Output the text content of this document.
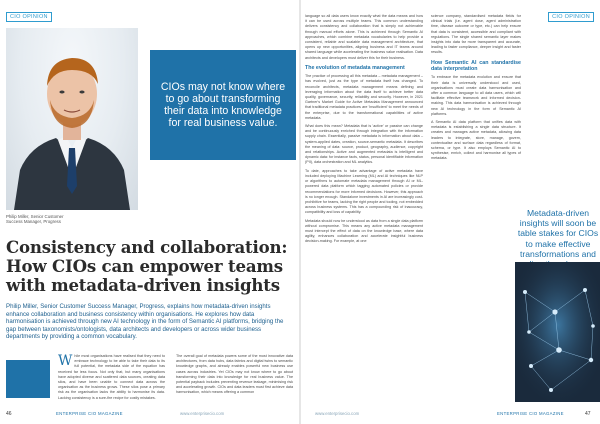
CIO OPINION
CIOs may not know where to go about transforming their data into knowledge for real business value.
Philip Miller, Senior Customer Success Manager, Progress
Consistency and collaboration: How CIOs can empower teams with metadata-driven insights

Philip Miller, Senior Customer Success Manager, Progress, explains how metadata-driven insights enhance collaboration and business consistency within organisations. He explores how data harmonisation is achieved through new AI technology in the form of Semantic AI platforms, bridging the gap between taxonomists/ontologists, data architects and developers or across wider business departments by providing a common vocabulary.

While most organisations have realised that they need to embrace technology to be able to take their data to its full potential, the metadata side of the equation has received far less focus. Not only that, but many organisations have adopted diverse and scattered data sources, creating data silos, and have been unable to connect data across the organisation as the business grows. These silos pose a primary risk as the organisation lacks the ability to harmonise its data. Lacking consistency is a sure-fire recipe for costly mistakes.
The overall goal of metadata powers some of the most innovative data architectures, from data hubs, data fabrics and digital twins to semantic knowledge graphs, and already enables powerful new business use cases across industries. Yet CIOs may not know where to go about transforming their data into knowledge for real business value. The potential payback includes preventing revenue leakage, minimising risk and accelerating growth. CIOs and data leaders must first achieve data harmonisation, which means offering a common
46	ENTERPRISE CIO MAGAZINE	www.enterprisecio.com
CIO OPINION

language so all data users know exactly what the data means and how it can be used across multiple teams. This common understanding delivers consistency and collaboration that is simply not achievable through manual efforts alone. This is achieved through Semantic AI approaches, which combine metadata vocabularies to help provide a consistent, reliable and scalable data management architecture, that opens up new opportunities, aligning business and IT teams around shared language while accelerating the business value realisation. Data architects and developers must deliver this for their business.

The evolution of metadata management

The practice of processing all this metadata – metadata management – has evolved, just as the type of metadata itself has changed. To reconcile architects, metadata management means defining and leveraging information about the data itself to achieve better data quality, governance, security, reliability and security. However, in 2021 Gartner's Market Guide for Active Metadata Management announced that traditional metadata practices are 'insufficient' to meet the needs of the enterprise, due to the transformational capabilities of active metadata.

What does this mean? Metadata that is 'active' or passive can change and be continuously enriched through integration with the information supply chain. Essentially, passive metadata is information about data – system-applied dates, creation, source-semantic metadata. It describes the meaning of data: source, product, geography, audience, copyright and relationships. Active and augmented metadata is intelligent and dynamic data: for instance facts, status, personal identifiable information (PII), data orchestration and ML analytics.

To date, approaches to take advantage of active metadata have included deploying Machine Learning (ML) and AI techniques like NLP or algorithms to automate metadata management through AI or ML-powered data platform which tagging automated policies or provide recommendations for more informed decisions. However, this approach is no longer enough. Standalone investments in AI are increasingly cost-prohibitive for teams, lacking the right people and tooling, not embedded across business systems. This has a compounding risk of inaccuracy, compatibility and loss of capability.

Metadata should now be understood as data from a single data platform without compromise. This means any active metadata management must intercept the effect of data on the knowledge base, where data agility, enhances collaboration and accelerate insightful business decision-making. For example, at one

science company, standardised metadata fields for clinical trials (i.e. agent dose, agent administration time, disease outcome or type, etc.) can help ensure that data is consistent, accessible and compliant with regulations. The single shared semantic layer makes insights into data far more transparent and accurate, leading to faster compliance, deeper insight and faster results.

How Semantic AI can standardise data interpretation

To embrace the metadata evolution and ensure that their data is universally understood and used, organisations must create data harmonisation and offer a common language to all data users, which will facilitate effective teamwork and informed decision-making. This data harmonisation is achieved through new AI technology in the form of Semantic AI platforms.

A Semantic AI data platform that unifies data with metadata is establishing a single data structure. It creates and manages active metadata, allowing data leaders to integrate, store, manage, govern, contextualise and surface data regardless of format, schema, or type. It also employs Semantic AI to synthesise, enrich, collect and harmonise all types of metadata.

Metadata-driven insights will soon be table stakes for CIOs to make effective transformations and
www.enterprisecio.com	ENTERPRISE CIO MAGAZINE	47
